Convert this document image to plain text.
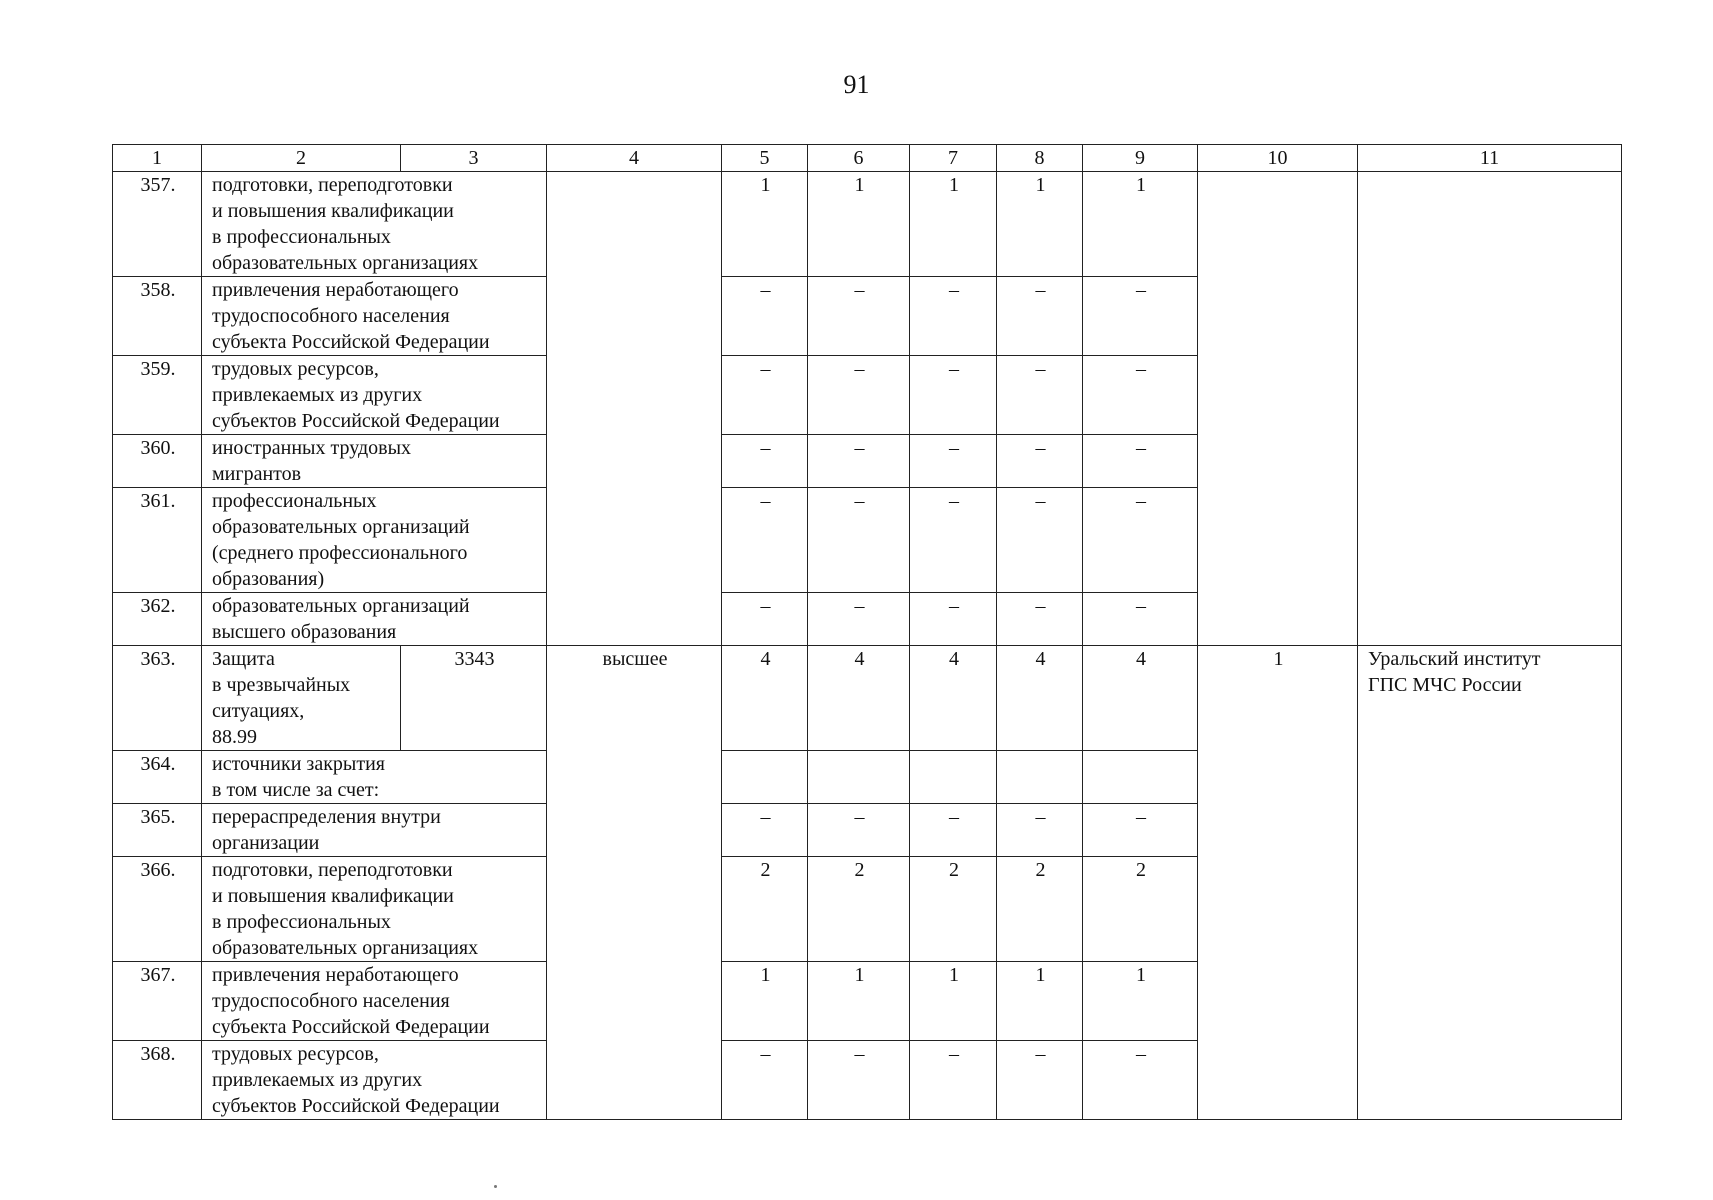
91
1	2	3	4	5	6	7	8	9	10	11
357.	подготовки, переподготовки
и повышения квалификации
в профессиональных
образовательных организациях			1	1	1	1	1		
358.	привлечения неработающего
трудоспособного населения
субъекта Российской Федерации			–	–	–	–	–		
359.	трудовых ресурсов,
привлекаемых из других
субъектов Российской Федерации			–	–	–	–	–		
360.	иностранных трудовых
мигрантов			–	–	–	–	–		
361.	профессиональных
образовательных организаций
(среднего профессионального
образования)			–	–	–	–	–		
362.	образовательных организаций
высшего образования			–	–	–	–	–		
363.	Защита
в чрезвычайных
ситуациях,
88.99	3343	высшее	4	4	4	4	4	1	Уральский институт
ГПС МЧС России

364.	источники закрытия
в том числе за счет:									

365.	перераспределения внутри
организации			–	–	–	–	–		
366.	подготовки, переподготовки
и повышения квалификации
в профессиональных
образовательных организациях			2	2	2	2	2		
367.	привлечения неработающего
трудоспособного населения
субъекта Российской Федерации			1	1	1	1	1		
368.	трудовых ресурсов,
привлекаемых из других
субъектов Российской Федерации			–	–	–	–	–		
